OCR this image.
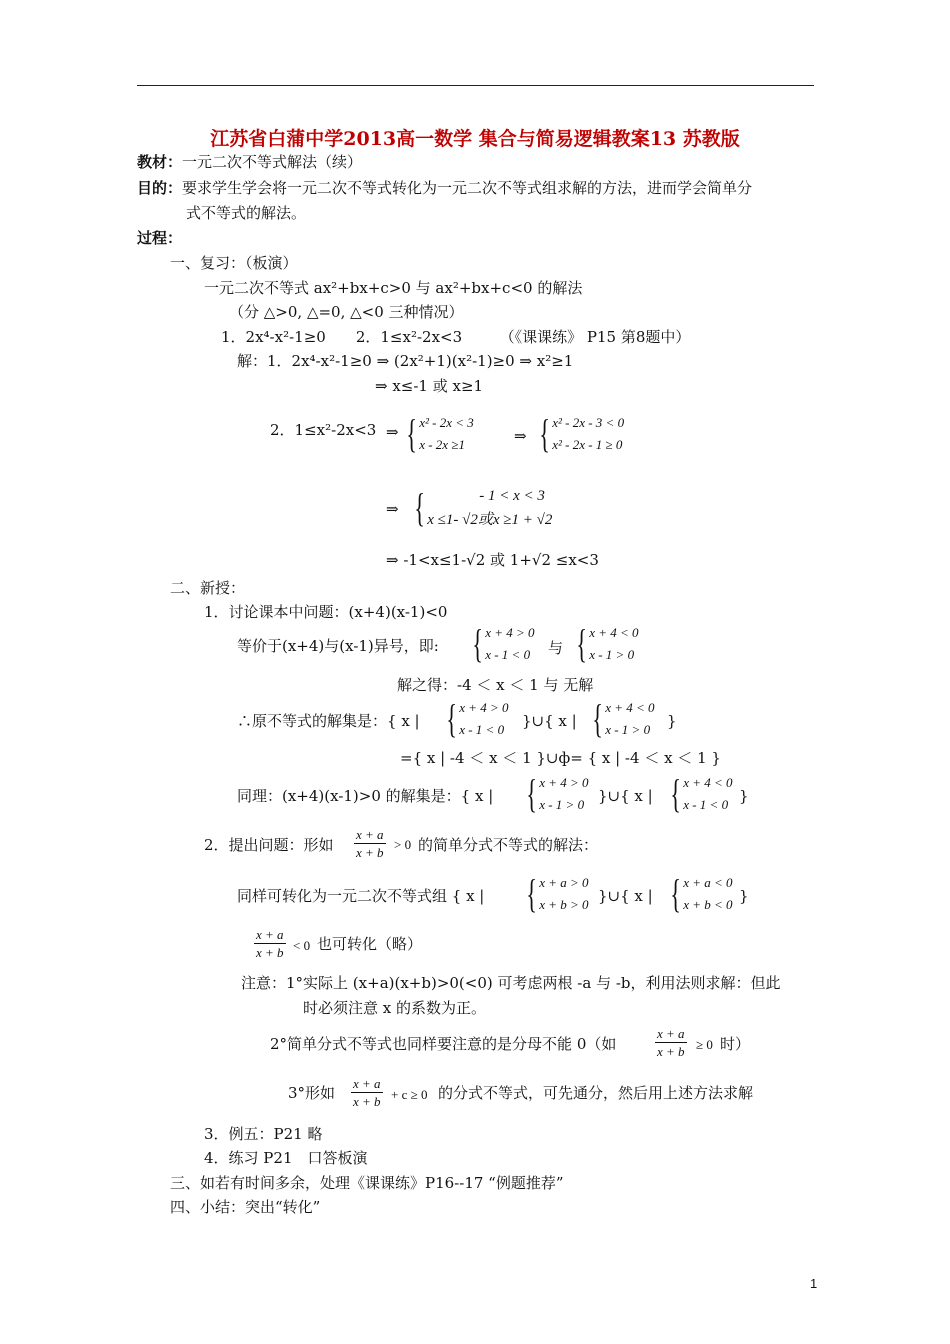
江苏省白蒲中学2013高一数学 集合与简易逻辑教案13 苏教版
教材：一元二次不等式解法（续）
目的：要求学生学会将一元二次不等式转化为一元二次不等式组求解的方法，进而学会简单分
式不等式的解法。
过程：
一、复习：（板演）
一元二次不等式 ax²+bx+c>0 与 ax²+bx+c<0 的解法
（分 △>0, △=0, △<0 三种情况）
1．2x⁴-x²-1≥0　　2．1≤x²-2x<3　　　（《课课练》 P15 第8题中）
解：1．2x⁴-x²-1≥0 ⇒ (2x²+1)(x²-1)≥0 ⇒ x²≥1
⇒ x≤-1 或 x≥1
2．1≤x²-2x<3 ⇒ { x² - 2x < 3
x - 2x ≥1	⇒ { x² - 2x - 3 < 0
x² - 2x - 1 ≥ 0
⇒ {	- 1 < x < 3
x ≤1- √2或x ≥1 + √2
⇒ -1<x≤1-√2 或 1+√2 ≤x<3
二、新授：
1．讨论课本中问题：(x+4)(x-1)<0
等价于(x+4)与(x-1)异号，即: { x + 4 > 0
x - 1 < 0 与 { x + 4 < 0
x - 1 > 0
解之得：-4 ＜ x ＜ 1 与 无解
∴原不等式的解集是：{ x | { x + 4 > 0
x - 1 < 0 }∪{ x | { x + 4 < 0
x - 1 > 0 }
={ x | -4 ＜ x ＜ 1 }∪ф= { x | -4 ＜ x ＜ 1 }
同理：(x+4)(x-1)>0 的解集是：{ x | { x + 4 > 0
x - 1 > 0 }∪{ x | { x + 4 < 0
x - 1 < 0 }
2．提出问题：形如 $\frac{x + a}{x + b} > 0$ 的简单分式不等式的解法：
同样可转化为一元二次不等式组 { x | { x + a > 0
x + b > 0 }∪{ x | { x + a < 0
x + b < 0 }
$\frac{x + a}{x + b} < 0$ 也可转化（略）
注意：1°实际上 (x+a)(x+b)>0(<0) 可考虑两根 -a 与 -b，利用法则求解：但此
时必须注意 x 的系数为正。
2°简单分式不等式也同样要注意的是分母不能 0（如	$\frac{x + a}{x + b} \ge 0$ 时）
3°形如 $\frac{x + a}{x + b} + c \ge 0$ 的分式不等式，可先通分，然后用上述方法求解
3．例五：P21 略
4．练习 P21　口答板演
三、如若有时间多余，处理《课课练》P16--17 “例题推荐”
四、小结：突出“转化”
1
